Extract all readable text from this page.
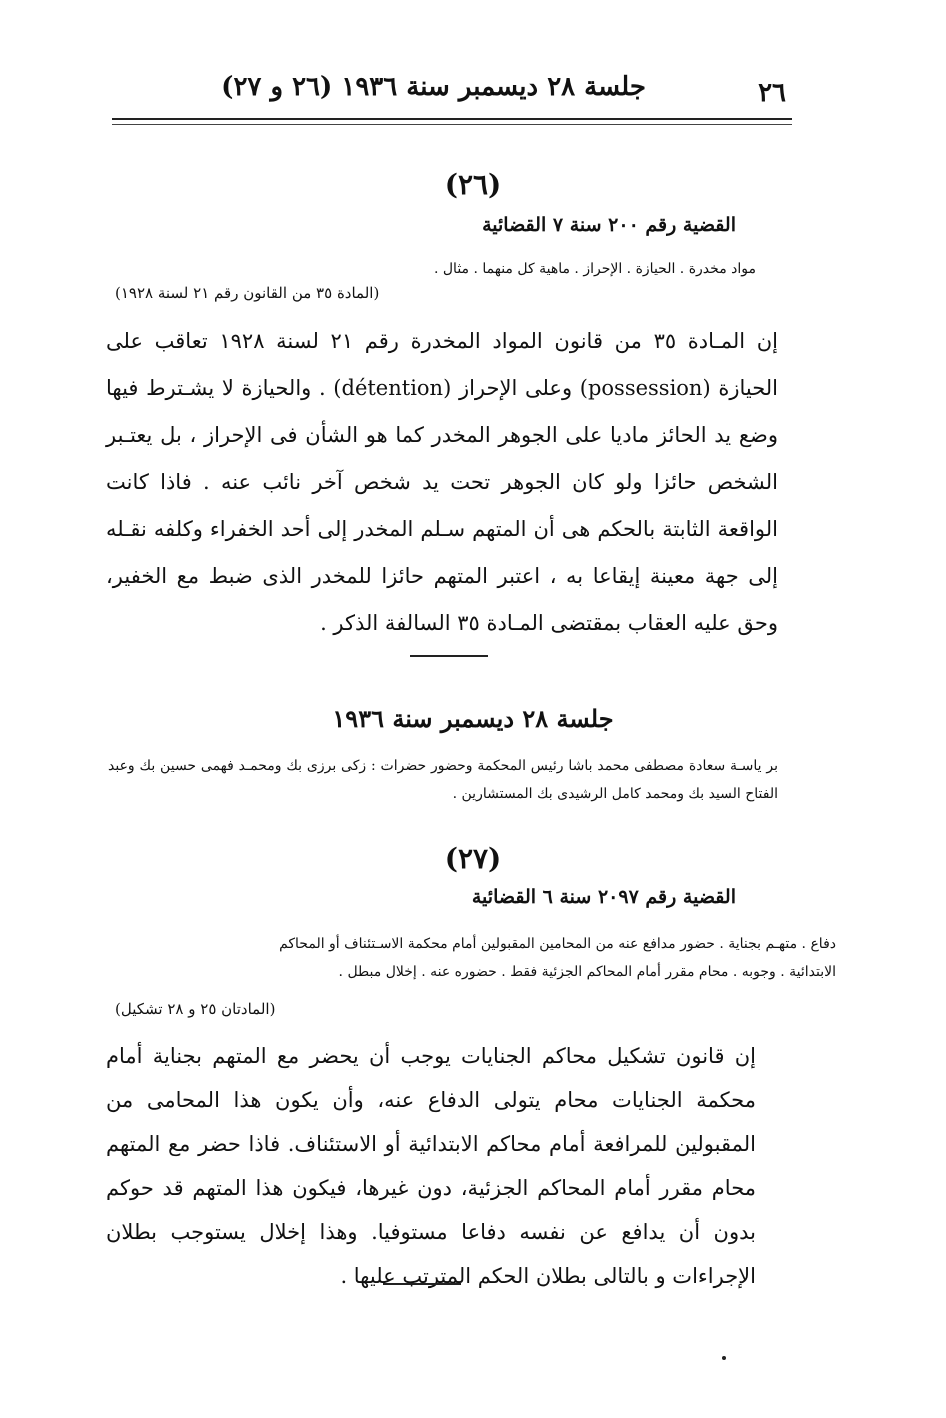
٢٦
جلسة ٢٨ ديسمبر سنة ١٩٣٦ (٢٦ و ٢٧)
(٢٦)
القضية رقم ٢٠٠ سنة ٧ القضائية
مواد مخدرة . الحيازة . الإحراز . ماهية كل منهما . مثال .
(المادة ٣٥ من القانون رقم ٢١ لسنة ١٩٢٨)
إن المـادة ٣٥ من قانون المواد المخدرة رقم ٢١ لسنة ١٩٢٨ تعاقب على الحيازة (possession) وعلى الإحراز (détention) . والحيازة لا يشـترط فيها وضع يد الحائز ماديا على الجوهر المخدر كما هو الشأن فى الإحراز ، بل يعتـبر الشخص حائزا ولو كان الجوهر تحت يد شخص آخر نائب عنه . فاذا كانت الواقعة الثابتة بالحكم هى أن المتهم سـلم المخدر إلى أحد الخفراء وكلفه نقـله إلى جهة معينة إيقاعا به ، اعتبر المتهم حائزا للمخدر الذى ضبط مع الخفير، وحق عليه العقاب بمقتضى المـادة ٣٥ السالفة الذكر .
جلسة ٢٨ ديسمبر سنة ١٩٣٦
بر ياسـة سعادة مصطفى محمد باشا رئيس المحكمة وحضور حضرات : زكى برزى بك ومحمـد فهمى حسين بك وعبد الفتاح السيد بك ومحمد كامل الرشيدى بك المستشارين .
(٢٧)
القضية رقم ٢٠٩٧ سنة ٦ القضائية
دفاع . متهـم بجناية . حضور مدافع عنه من المحامين المقبولين أمام محكمة الاسـتئناف أو المحاكم
الابتدائية . وجوبه . محام مقرر أمام المحاكم الجزئية فقط . حضوره عنه . إخلال مبطل .
(المادتان ٢٥ و ٢٨ تشكيل)
إن قانون تشكيل محاكم الجنايات يوجب أن يحضر مع المتهم بجناية أمام محكمة الجنايات محام يتولى الدفاع عنه، وأن يكون هذا المحامى من المقبولين للمرافعة أمام محاكم الابتدائية أو الاستئناف. فاذا حضر مع المتهم محام مقرر أمام المحاكم الجزئية، دون غيرها، فيكون هذا المتهم قد حوكم بدون أن يدافع عن نفسه دفاعا مستوفيا. وهذا إخلال يستوجب بطلان الإجراءات و بالتالى بطلان الحكم المترتب عليها .
